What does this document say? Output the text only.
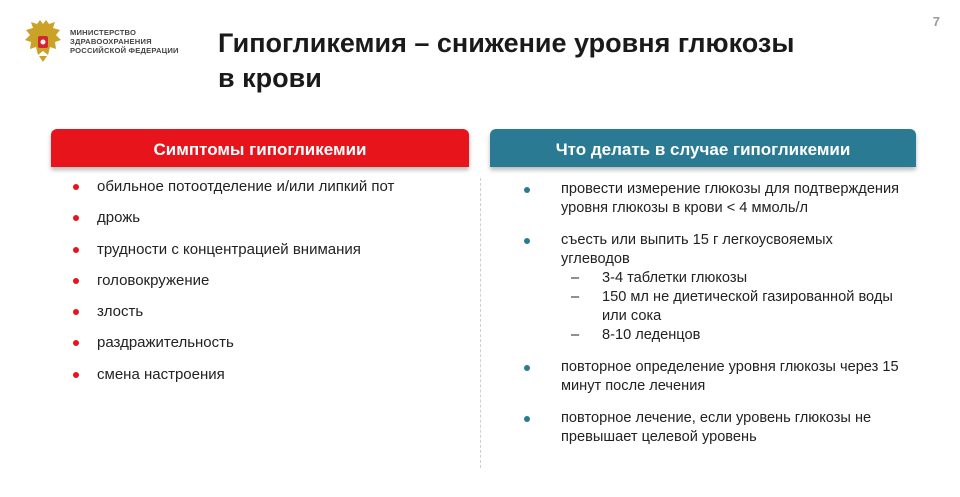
МИНИСТЕРСТВО
ЗДРАВООХРАНЕНИЯ
РОССИЙСКОЙ ФЕДЕРАЦИИ
7
Гипогликемия – снижение уровня глюкозы
в крови
Симптомы гипогликемии	Что делать в случае гипогликемии
обильное потоотделение и/или липкий пот
дрожь
трудности с концентрацией внимания
головокружение
злость
раздражительность
смена настроения
провести измерение глюкозы для подтверждения уровня глюкозы в крови < 4 ммоль/л
съесть или выпить 15 г легкоусвояемых углеводов
– 3-4 таблетки глюкозы
– 150 мл не диетической газированной воды или сока
– 8-10 леденцов
повторное определение уровня глюкозы через 15 минут после лечения
повторное лечение, если уровень глюкозы не превышает целевой уровень
